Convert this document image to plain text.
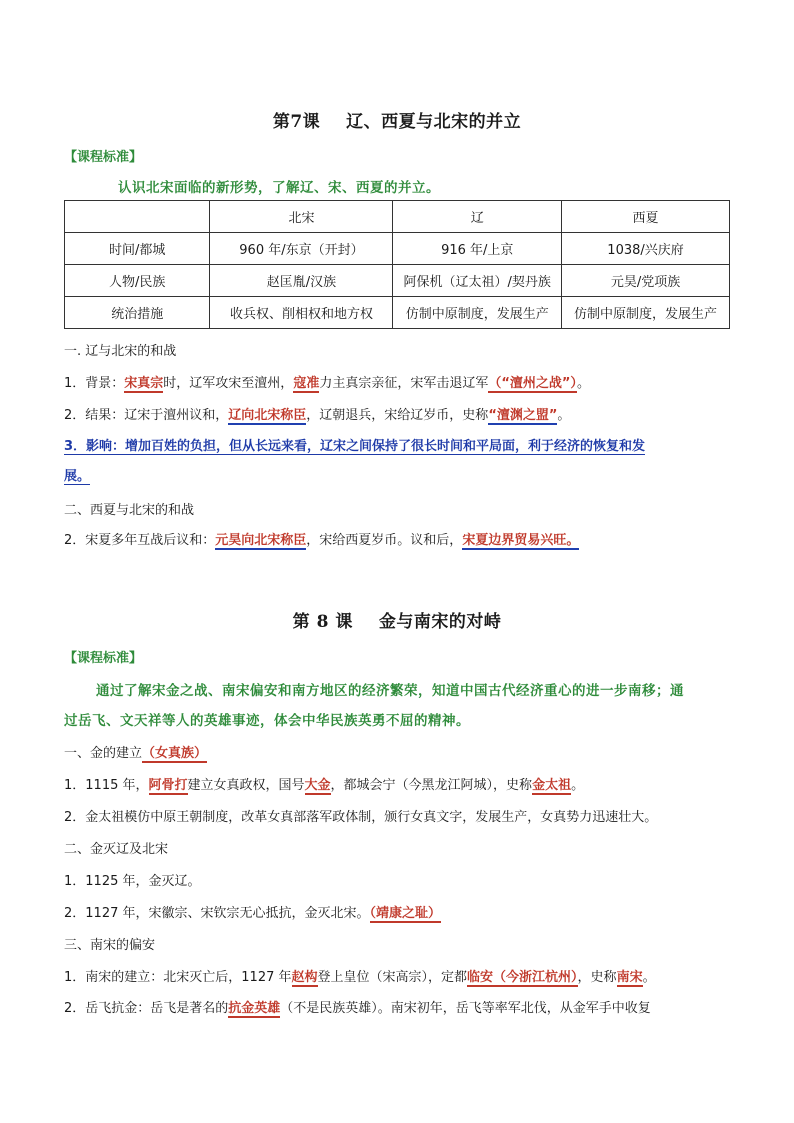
第7课 辽、西夏与北宋的并立
【课程标准】
认识北宋面临的新形势，了解辽、宋、西夏的并立。
	北宋	辽	西夏
时间/都城	960 年/东京（开封）	916 年/上京	1038/兴庆府
人物/民族	赵匡胤/汉族	阿保机（辽太祖）/契丹族	元昊/党项族
统治措施	收兵权、削相权和地方权	仿制中原制度，发展生产	仿制中原制度，发展生产
一. 辽与北宋的和战
1．背景：宋真宗时，辽军攻宋至澶州，寇准力主真宗亲征，宋军击退辽军（“澶州之战”）。
2．结果：辽宋于澶州议和，辽向北宋称臣，辽朝退兵，宋给辽岁币，史称“澶渊之盟”。
3．影响：增加百姓的负担，但从长远来看，辽宋之间保持了很长时间和平局面，利于经济的恢复和发
展。
二、西夏与北宋的和战
2．宋夏多年互战后议和：元昊向北宋称臣，宋给西夏岁币。议和后，宋夏边界贸易兴旺。
第 8 课 金与南宋的对峙
【课程标准】
通过了解宋金之战、南宋偏安和南方地区的经济繁荣，知道中国古代经济重心的进一步南移；通
过岳飞、文天祥等人的英雄事迹，体会中华民族英勇不屈的精神。
一、金的建立（女真族）
1．1115 年，阿骨打建立女真政权，国号大金，都城会宁（今黑龙江阿城），史称金太祖。
2．金太祖模仿中原王朝制度，改革女真部落军政体制，颁行女真文字，发展生产，女真势力迅速壮大。
二、金灭辽及北宋
1．1125 年，金灭辽。
2．1127 年，宋徽宗、宋钦宗无心抵抗，金灭北宋。（靖康之耻）
三、南宋的偏安
1．南宋的建立：北宋灭亡后，1127 年赵构登上皇位（宋高宗），定都临安（今浙江杭州），史称南宋。
2．岳飞抗金：岳飞是著名的抗金英雄（不是民族英雄）。南宋初年，岳飞等率军北伐，从金军手中收复
